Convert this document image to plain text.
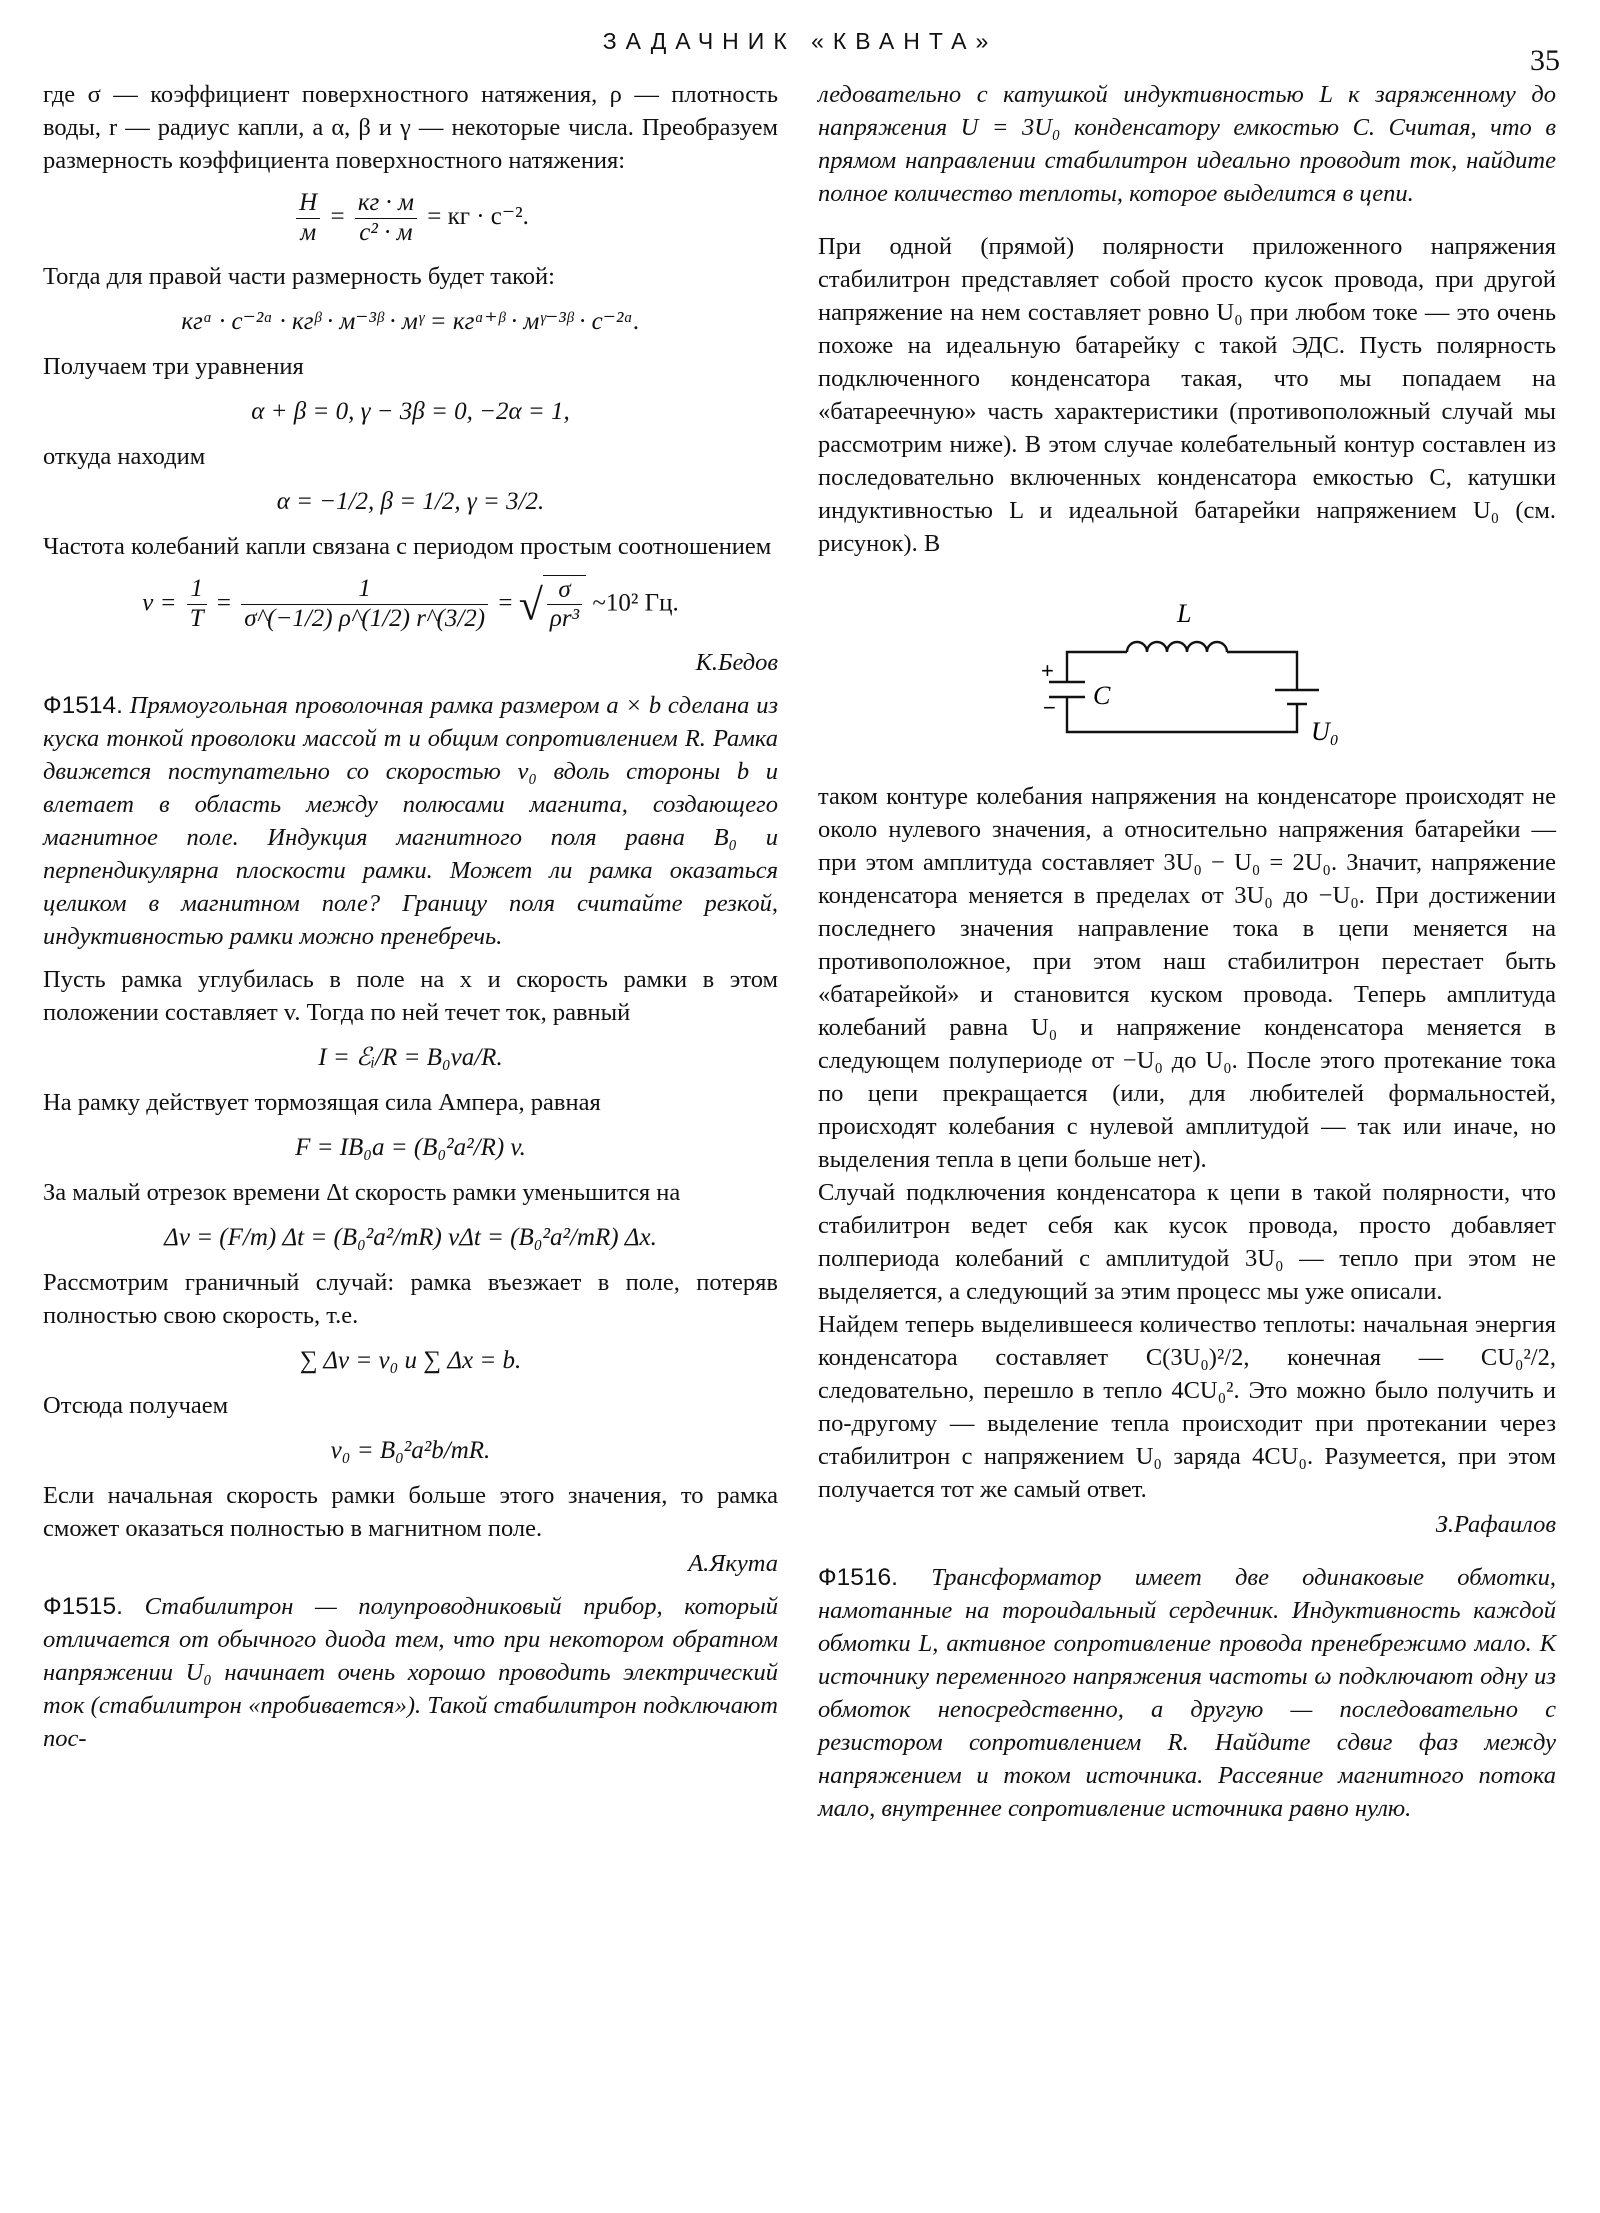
ЗАДАЧНИК «КВАНТА»
35

где σ — коэффициент поверхностного натяжения, ρ — плотность воды, r — радиус капли, а α, β и γ — некоторые числа. Преобразуем размерность коэффициента поверхностного натяжения:

$\frac{Н}{м} = \frac{кг \cdot м}{\text{с² · м}}$ = кг · с⁻².

Тогда для правой части размерность будет такой:

кгᵅ · с⁻²ᵅ · кгᵝ · м⁻³ᵝ · мᵞ = кгᵅ⁺ᵝ · мᵞ⁻³ᵝ · с⁻²ᵅ.

Получаем три уравнения

α + β = 0, γ − 3β = 0, −2α = 1,

откуда находим

α = −1/2, β = 1/2, γ = 3/2.

Частота колебаний капли связана с периодом простым соотношением

$\nu = \frac{1}{T} = \frac{1}{\sigma\^{}(-1/2) \rho\^{}(1/2) r\^{}(3/2)}$ = √ $\frac{\sigma}{\text{ρr³}}$ ~10² Гц.

К.Бедов

Ф1514. Прямоугольная проволочная рамка размером a × b сделана из куска тонкой проволоки массой m и общим сопротивлением R. Рамка движется поступательно со скоростью v₀ вдоль стороны b и влетает в область между полюсами магнита, создающего магнитное поле. Индукция магнитного поля равна B₀ и перпендикулярна плоскости рамки. Может ли рамка оказаться целиком в магнитном поле? Границу поля считайте резкой, индуктивностью рамки можно пренебречь.

Пусть рамка углубилась в поле на x и скорость рамки в этом положении составляет v. Тогда по ней течет ток, равный

I = ℰᵢ/R = B₀va/R.

На рамку действует тормозящая сила Ампера, равная

F = IB₀a = (B₀²a²/R) v.

За малый отрезок времени Δt скорость рамки уменьшится на

Δv = (F/m) Δt = (B₀²a²/mR) vΔt = (B₀²a²/mR) Δx.

Рассмотрим граничный случай: рамка въезжает в поле, потеряв полностью свою скорость, т.е.

∑ Δv = v₀ и ∑ Δx = b.

Отсюда получаем

v₀ = B₀²a²b/mR.

Если начальная скорость рамки больше этого значения, то рамка сможет оказаться полностью в магнитном поле.

А.Якута

Ф1515. Стабилитрон — полупроводниковый прибор, который отличается от обычного диода тем, что при некотором обратном напряжении U₀ начинает очень хорошо проводить электрический ток (стабилитрон «пробивается»). Такой стабилитрон подключают пос-

ледовательно с катушкой индуктивностью L к заряженному до напряжения U = 3U₀ конденсатору емкостью C. Считая, что в прямом направлении стабилитрон идеально проводит ток, найдите полное количество теплоты, которое выделится в цепи.

При одной (прямой) полярности приложенного напряжения стабилитрон представляет собой просто кусок провода, при другой напряжение на нем составляет ровно U₀ при любом токе — это очень похоже на идеальную батарейку с такой ЭДС. Пусть полярность подключенного конденсатора такая, что мы попадаем на «батареечную» часть характеристики (противоположный случай мы рассмотрим ниже). В этом случае колебательный контур составлен из последовательно включенных конденсатора емкостью C, катушки индуктивностью L и идеальной батарейки напряжением U₀ (см. рисунок). В

L
C
U₀
+
−

таком контуре колебания напряжения на конденсаторе происходят не около нулевого значения, а относительно напряжения батарейки — при этом амплитуда составляет 3U₀ − U₀ = 2U₀. Значит, напряжение конденсатора меняется в пределах от 3U₀ до −U₀. При достижении последнего значения направление тока в цепи меняется на противоположное, при этом наш стабилитрон перестает быть «батарейкой» и становится куском провода. Теперь амплитуда колебаний равна U₀ и напряжение конденсатора меняется в следующем полупериоде от −U₀ до U₀. После этого протекание тока по цепи прекращается (или, для любителей формальностей, происходят колебания с нулевой амплитудой — так или иначе, но выделения тепла в цепи больше нет).

Случай подключения конденсатора к цепи в такой полярности, что стабилитрон ведет себя как кусок провода, просто добавляет полпериода колебаний с амплитудой 3U₀ — тепло при этом не выделяется, а следующий за этим процесс мы уже описали.

Найдем теперь выделившееся количество теплоты: начальная энергия конденсатора составляет C(3U₀)²/2, конечная — CU₀²/2, следовательно, перешло в тепло 4CU₀². Это можно было получить и по-другому — выделение тепла происходит при протекании через стабилитрон с напряжением U₀ заряда 4CU₀. Разумеется, при этом получается тот же самый ответ.

З.Рафаилов

Ф1516. Трансформатор имеет две одинаковые обмотки, намотанные на тороидальный сердечник. Индуктивность каждой обмотки L, активное сопротивление провода пренебрежимо мало. К источнику переменного напряжения частоты ω подключают одну из обмоток непосредственно, а другую — последовательно с резистором сопротивлением R. Найдите сдвиг фаз между напряжением и током источника. Рассеяние магнитного потока мало, внутреннее сопротивление источника равно нулю.
